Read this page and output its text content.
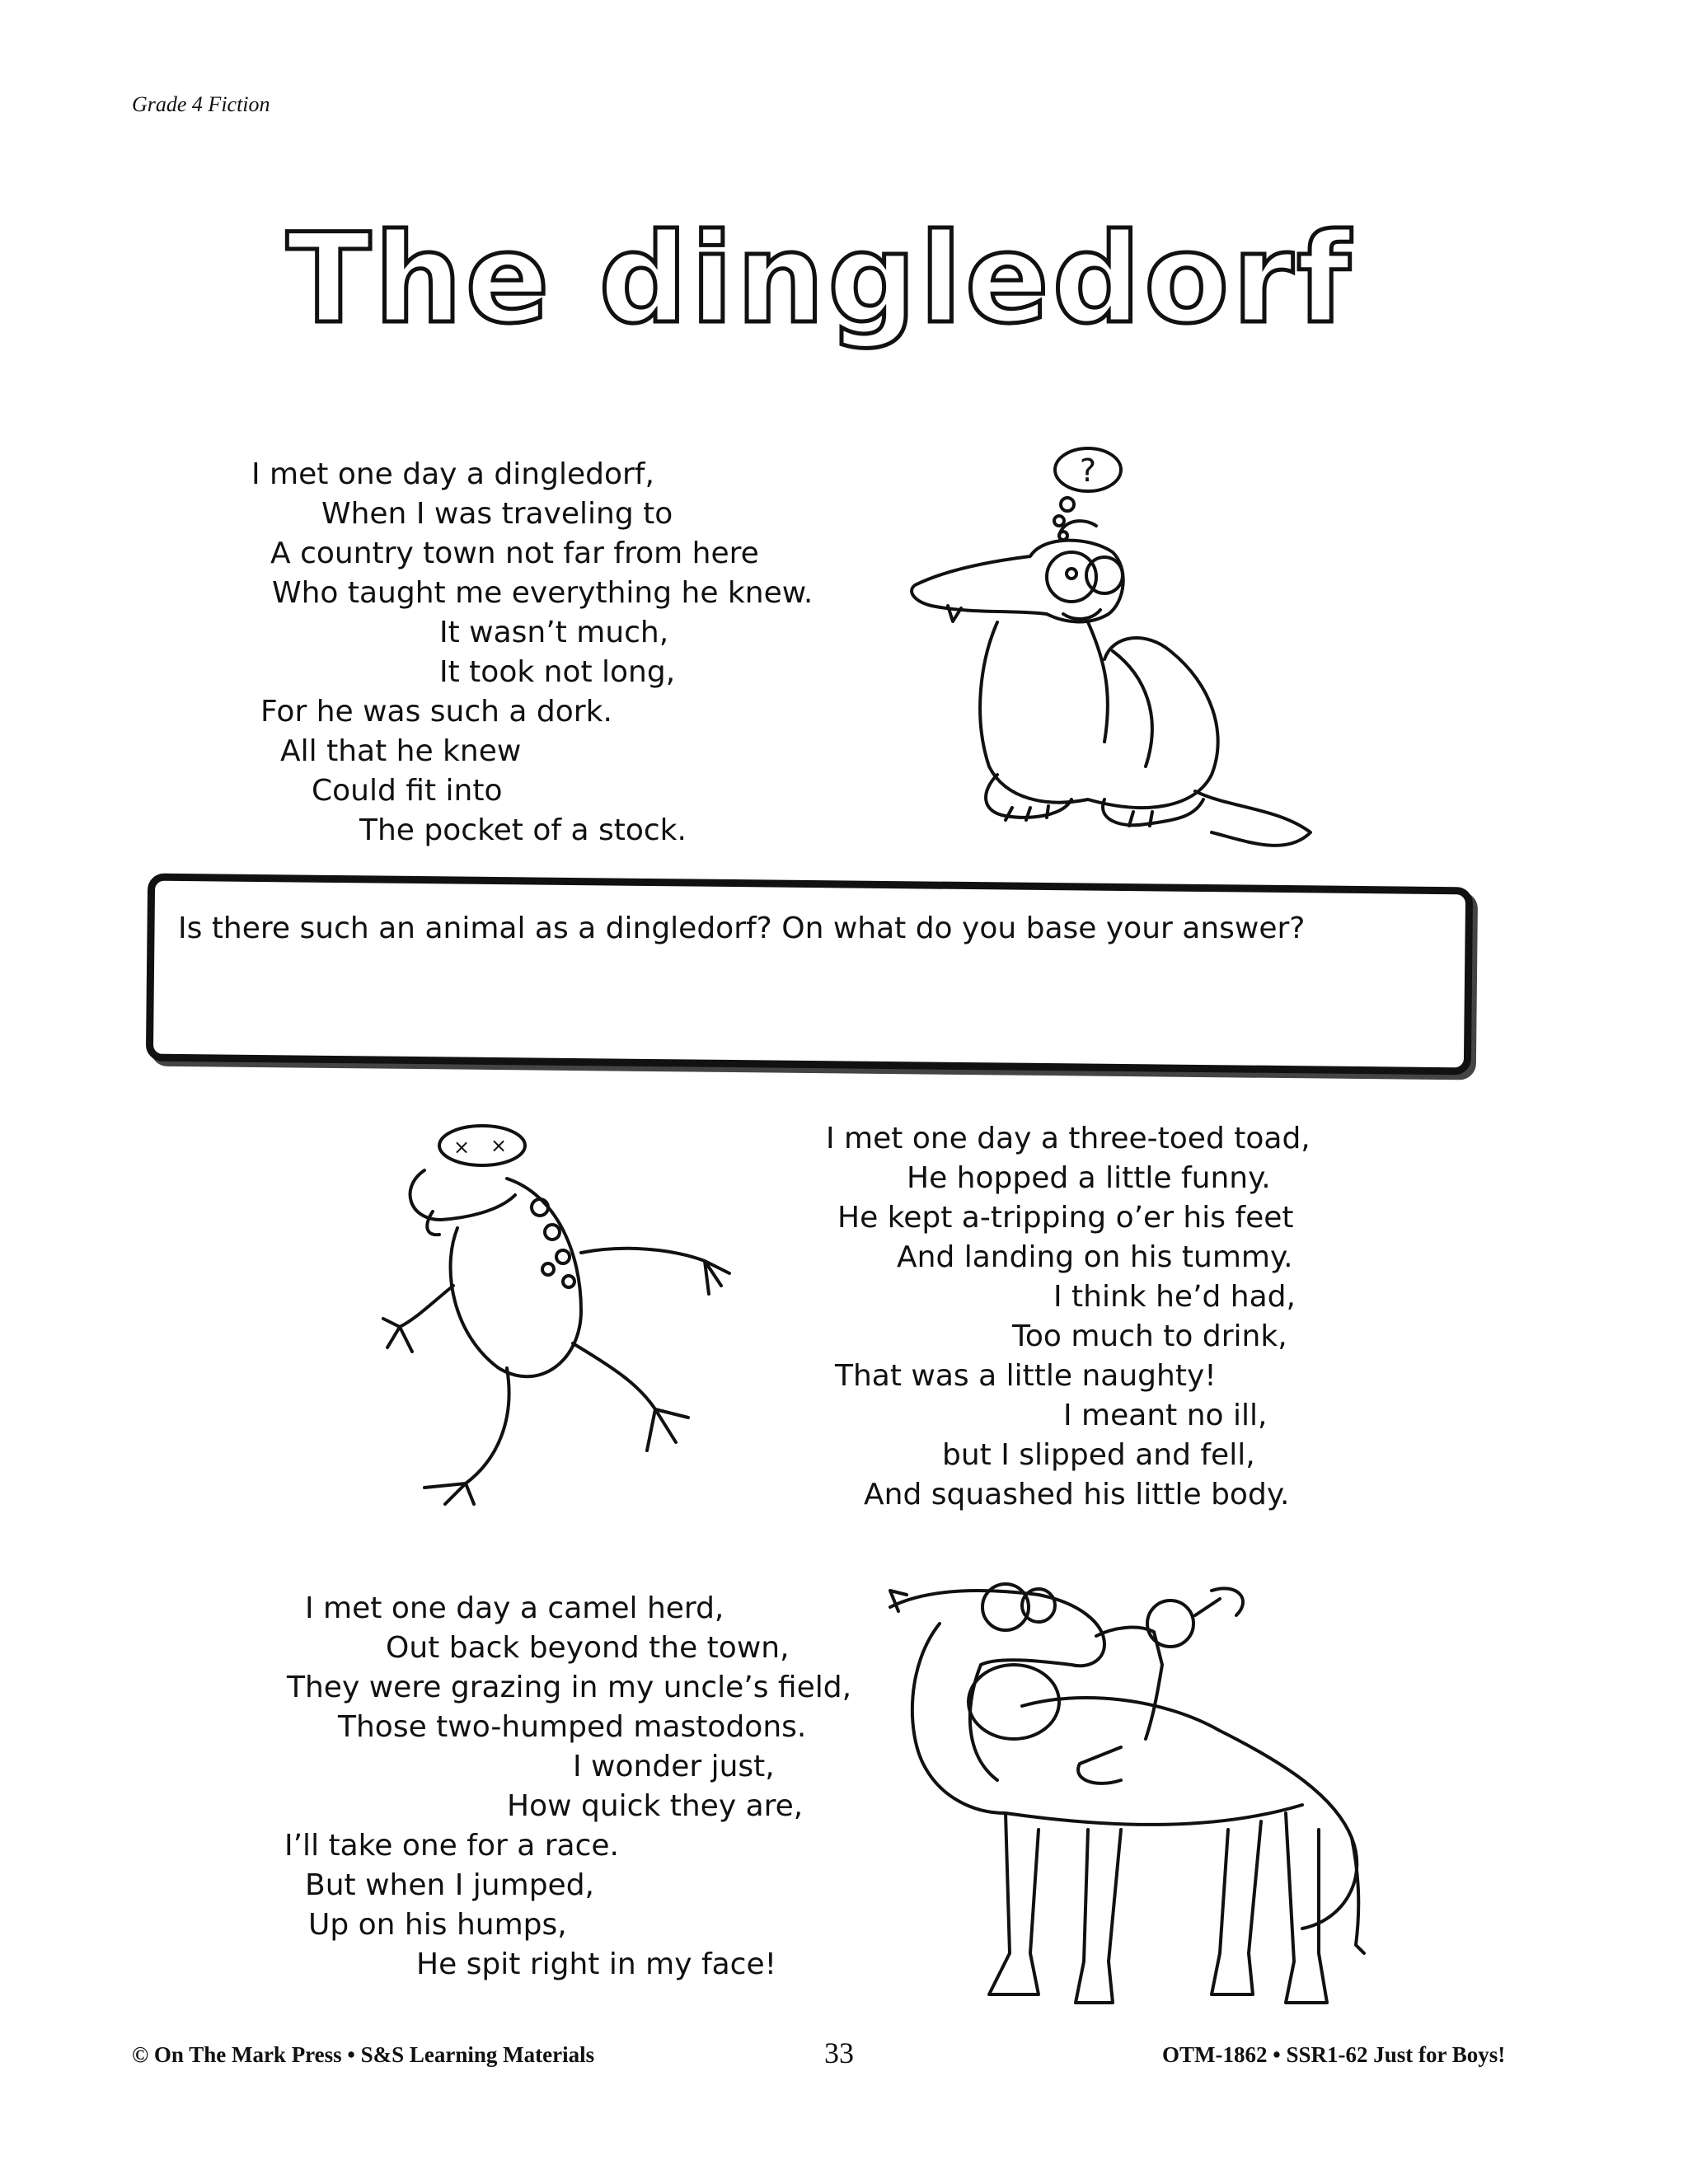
Grade 4 Fiction
The dingledorf
I met one day a dingledorf,
When I was traveling to
A country town not far from here
Who taught me everything he knew.
It wasn’t much,
It took not long,
For he was such a dork.
All that he knew
Could fit into
The pocket of a stock.
?
Is there such an animal as a dingledorf? On what do you base your answer?
× ×	I met one day a three-toed toad,
He hopped a little funny.
He kept a-tripping o’er his feet
And landing on his tummy.
I think he’d had,
Too much to drink,
That was a little naughty!
I meant no ill,
but I slipped and fell,
And squashed his little body.
I met one day a camel herd,
Out back beyond the town,
They were grazing in my uncle’s field,
Those two-humped mastodons.
I wonder just,
How quick they are,
I’ll take one for a race.
But when I jumped,
Up on his humps,
He spit right in my face!
© On The Mark Press • S&S Learning Materials	33	OTM-1862 • SSR1-62 Just for Boys!
